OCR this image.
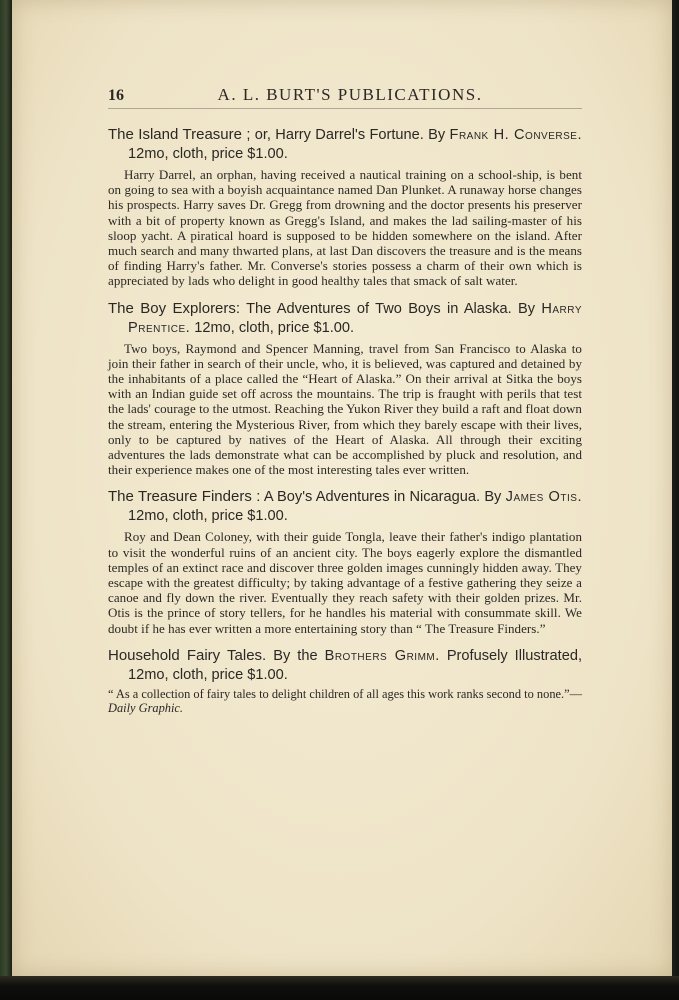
16	A. L. BURT'S PUBLICATIONS.
The Island Treasure ; or, Harry Darrel's Fortune. By Frank H. Converse. 12mo, cloth, price $1.00.
Harry Darrel, an orphan, having received a nautical training on a school-ship, is bent on going to sea with a boyish acquaintance named Dan Plunket. A runaway horse changes his prospects. Harry saves Dr. Gregg from drowning and the doctor presents his preserver with a bit of property known as Gregg's Island, and makes the lad sailing-master of his sloop yacht. A piratical hoard is supposed to be hidden somewhere on the island. After much search and many thwarted plans, at last Dan discovers the treasure and is the means of finding Harry's father. Mr. Converse's stories possess a charm of their own which is appreciated by lads who delight in good healthy tales that smack of salt water.
The Boy Explorers: The Adventures of Two Boys in Alaska. By Harry Prentice. 12mo, cloth, price $1.00.
Two boys, Raymond and Spencer Manning, travel from San Francisco to Alaska to join their father in search of their uncle, who, it is believed, was captured and detained by the inhabitants of a place called the “Heart of Alaska.” On their arrival at Sitka the boys with an Indian guide set off across the mountains. The trip is fraught with perils that test the lads' courage to the utmost. Reaching the Yukon River they build a raft and float down the stream, entering the Mysterious River, from which they barely escape with their lives, only to be captured by natives of the Heart of Alaska. All through their exciting adventures the lads demonstrate what can be accomplished by pluck and resolution, and their experience makes one of the most interesting tales ever written.
The Treasure Finders : A Boy's Adventures in Nicaragua. By James Otis. 12mo, cloth, price $1.00.
Roy and Dean Coloney, with their guide Tongla, leave their father's indigo plantation to visit the wonderful ruins of an ancient city. The boys eagerly explore the dismantled temples of an extinct race and discover three golden images cunningly hidden away. They escape with the greatest difficulty; by taking advantage of a festive gathering they seize a canoe and fly down the river. Eventually they reach safety with their golden prizes. Mr. Otis is the prince of story tellers, for he handles his material with consummate skill. We doubt if he has ever written a more entertaining story than “ The Treasure Finders.”
Household Fairy Tales. By the Brothers Grimm. Profusely Illustrated, 12mo, cloth, price $1.00.
“ As a collection of fairy tales to delight children of all ages this work ranks second to none.”—Daily Graphic.
